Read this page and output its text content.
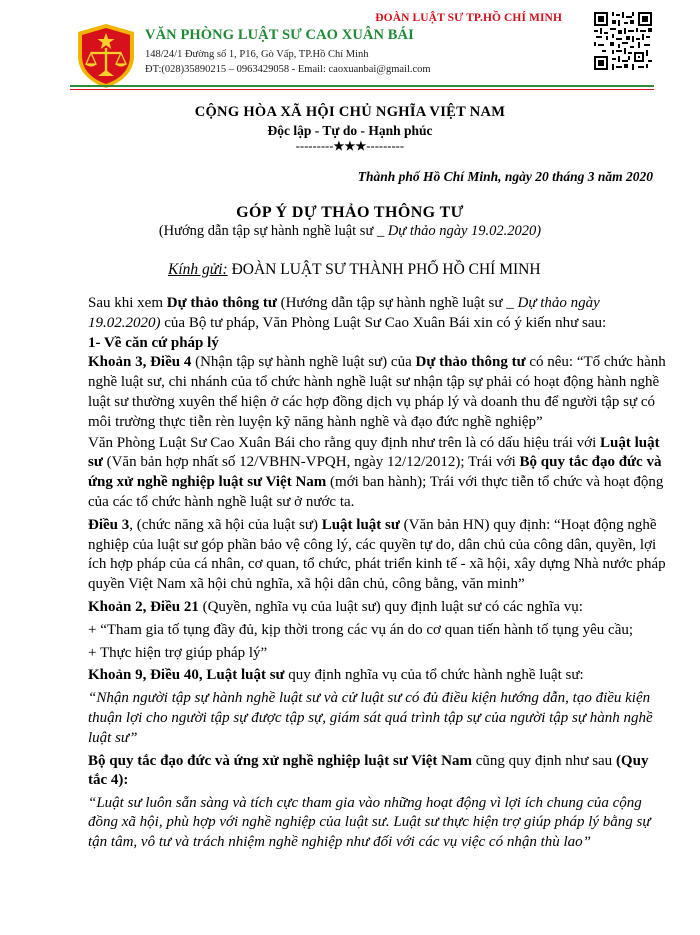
ĐOÀN LUẬT SƯ TP.HỒ CHÍ MINH
VĂN PHÒNG LUẬT SƯ CAO XUÂN BÁI
148/24/1 Đường số 1, P16, Gò Vấp, TP.Hồ Chí Minh
ĐT:(028)35890215 – 0963429058 - Email: caoxuanbai@gmail.com
CỘNG HÒA XÃ HỘI CHỦ NGHĨA VIỆT NAM
Độc lập - Tự do - Hạnh phúc
---------★★★---------
Thành phố Hồ Chí Minh, ngày 20 tháng 3 năm 2020
GÓP Ý DỰ THẢO THÔNG TƯ
(Hướng dẫn tập sự hành nghề luật sư _ Dự thảo ngày 19.02.2020)
Kính gửi: ĐOÀN LUẬT SƯ THÀNH PHỐ HỒ CHÍ MINH

Sau khi xem Dự thảo thông tư (Hướng dẫn tập sự hành nghề luật sư _ Dự thảo ngày 19.02.2020) của Bộ tư pháp, Văn Phòng Luật Sư Cao Xuân Bái xin có ý kiến như sau:

1- Về căn cứ pháp lý

Khoản 3, Điều 4 (Nhận tập sự hành nghề luật sư) của Dự thảo thông tư có nêu: “Tổ chức hành nghề luật sư, chi nhánh của tổ chức hành nghề luật sư nhận tập sự phải có hoạt động hành nghề luật sư thường xuyên thể hiện ở các hợp đồng dịch vụ pháp lý và doanh thu để người tập sự có môi trường thực tiễn rèn luyện kỹ năng hành nghề và đạo đức nghề nghiệp”

Văn Phòng Luật Sư Cao Xuân Bái cho rằng quy định như trên là có dấu hiệu trái với Luật luật sư (Văn bản hợp nhất số 12/VBHN-VPQH, ngày 12/12/2012); Trái với Bộ quy tắc đạo đức và ứng xử nghề nghiệp luật sư Việt Nam (mới ban hành); Trái với thực tiễn tổ chức và hoạt động của các tổ chức hành nghề luật sư ở nước ta.

Điều 3, (chức năng xã hội của luật sư) Luật luật sư (Văn bản HN) quy định: “Hoạt động nghề nghiệp của luật sư góp phần bảo vệ công lý, các quyền tự do, dân chủ của công dân, quyền, lợi ích hợp pháp của cá nhân, cơ quan, tổ chức, phát triển kinh tế - xã hội, xây dựng Nhà nước pháp quyền Việt Nam xã hội chủ nghĩa, xã hội dân chủ, công bằng, văn minh”

Khoản 2, Điều 21 (Quyền, nghĩa vụ của luật sư) quy định luật sư có các nghĩa vụ:

+ “Tham gia tố tụng đầy đủ, kịp thời trong các vụ án do cơ quan tiến hành tố tụng yêu cầu;

+ Thực hiện trợ giúp pháp lý”

Khoản 9, Điều 40, Luật luật sư quy định nghĩa vụ của tổ chức hành nghề luật sư:

“Nhận người tập sự hành nghề luật sư và cử luật sư có đủ điều kiện hướng dẫn, tạo điều kiện thuận lợi cho người tập sự được tập sự, giám sát quá trình tập sự của người tập sự hành nghề luật sư”

Bộ quy tắc đạo đức và ứng xử nghề nghiệp luật sư Việt Nam cũng quy định như sau (Quy tắc 4):

“Luật sư luôn sẵn sàng và tích cực tham gia vào những hoạt động vì lợi ích chung của cộng đồng xã hội, phù hợp với nghề nghiệp của luật sư. Luật sư thực hiện trợ giúp pháp lý bằng sự tận tâm, vô tư và trách nhiệm nghề nghiệp như đối với các vụ việc có nhận thù lao”
